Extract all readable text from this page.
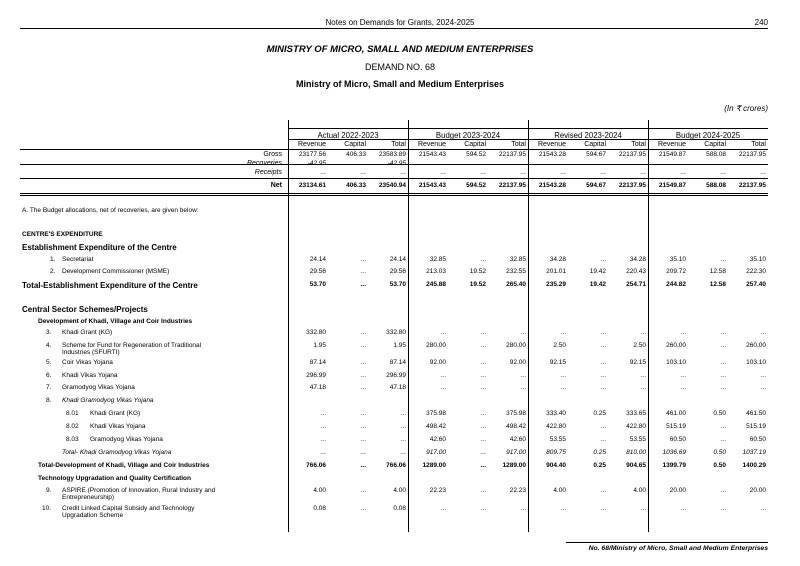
Notes on Demands for Grants, 2024-2025	240
MINISTRY OF MICRO, SMALL AND MEDIUM ENTERPRISES
DEMAND NO. 68
Ministry of Micro, Small and Medium Enterprises
(In ₹ crores)
Actual 2022-2023	Budget 2023-2024	Revised 2023-2024	Budget 2024-2025
Revenue	Capital	Total	Revenue	Capital	Total	Revenue	Capital	Total	Revenue	Capital	Total
Gross	23177.56	406.33	23583.89	21543.43	594.52	22137.95	21543.28	594.67	22137.95	21549.87	588.08	22137.95
Recoveries	-42.95	...	-42.95	...	...	...	...	...	...	...	...	...
Receipts	...	...	...	...	...	...	...	...	...	...	...	...
Net	23134.61	406.33	23540.94	21543.43	594.52	22137.95	21543.28	594.67	22137.95	21549.87	588.08	22137.95
A. The Budget allocations, net of recoveries, are given below:
CENTRE'S EXPENDITURE
Establishment Expenditure of the Centre
Central Sector Schemes/Projects
Development of Khadi, Village and Coir Industries
Technology Upgradation and Quality Certification
1. Secretariat	24.14	...	24.14	32.85	...	32.85	34.28	...	34.28	35.10	...	35.10
2. Development Commissioner (MSME)	29.56	...	29.56	213.03	19.52	232.55	201.01	19.42	220.43	209.72	12.58	222.30
Total-Establishment Expenditure of the Centre	53.70	...	53.70	245.88	19.52	265.40	235.29	19.42	254.71	244.82	12.58	257.40
3. Khadi Grant (KG)	332.80	...	332.80	...	...	...	...	...	...	...	...	...
4. Scheme for Fund for Regeneration of Traditional
Industries (SFURTI)
1.95	...	1.95	280.00	...	280.00	2.50	...	2.50	260.00	...	260.00
5. Coir Vikas Yojana	87.14	...	87.14	92.00	...	92.00	92.15	...	92.15	103.10	...	103.10
6. Khadi Vikas Yojana	296.99	...	296.99	...	...	...	...	...	...	...	...	...
7. Gramodyog Vikas Yojana	47.18	...	47.18	...	...	...	...	...	...	...	...	...
8. Khadi Gramodyog Vikas Yojana
8.01 Khadi Grant (KG)	...	...	...	375.98	...	375.98	333.40	0.25	333.65	461.00	0.50	461.50
8.02 Khadi Vikas Yojana	...	...	...	498.42	...	498.42	422.80	...	422.80	515.19	...	515.19
8.03 Gramodyog Vikas Yojana	...	...	...	42.60	...	42.60	53.55	...	53.55	60.50	...	60.50
Total- Khadi Gramodyog Vikas Yojana	...	...	...	917.00	...	917.00	809.75	0.25	810.00	1036.69	0.50	1037.19
Total-Development of Khadi, Village and Coir Industries	766.06	...	766.06	1289.00	...	1289.00	904.40	0.25	904.65	1399.79	0.50	1400.29
9. ASPIRE (Promotion of Innovation, Rural Industry and
Entrepreneurship)
4.00	...	4.00	22.23	...	22.23	4.00	...	4.00	20.00	...	20.00
10. Credit Linked Capital Subsidy and Technology
Upgradation Scheme
0.08	...	0.08	...	...	...	...	...	...	...	...	...
No. 68/Ministry of Micro, Small and Medium Enterprises
